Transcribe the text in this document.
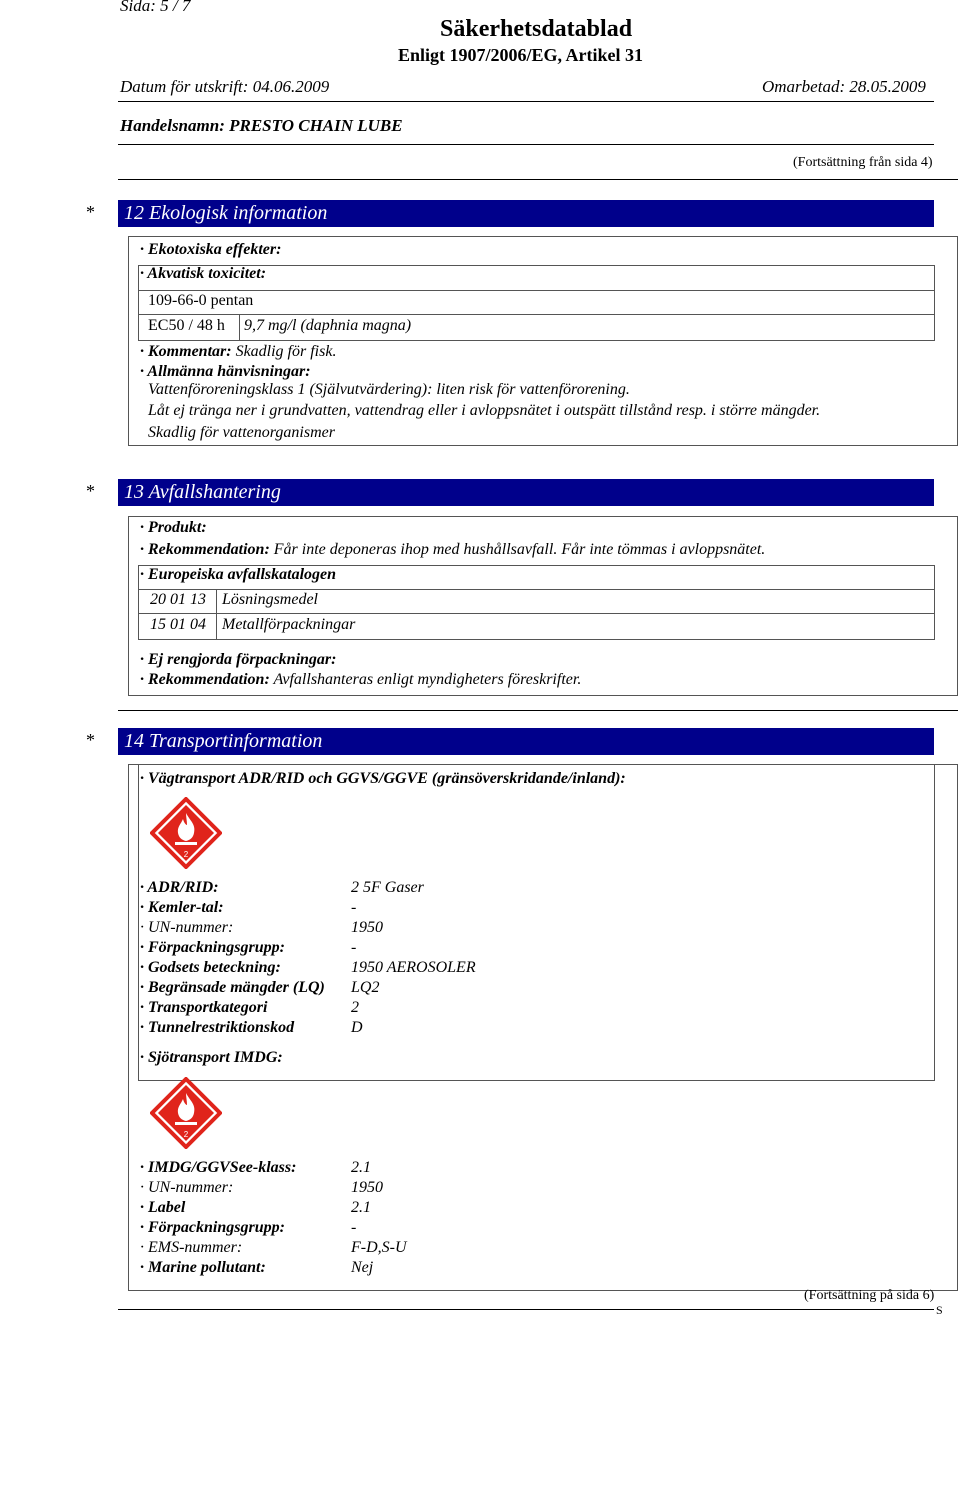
Sida: 5 / 7
Säkerhetsdatablad
Enligt 1907/2006/EG, Artikel 31
Datum för utskrift: 04.06.2009	Omarbetad: 28.05.2009
Handelsnamn: PRESTO CHAIN LUBE
(Fortsättning från sida 4)
*	12 Ekologisk information
· Ekotoxiska effekter:
· Akvatisk toxicitet:
109-66-0 pentan
EC50 / 48 h 9,7 mg/l (daphnia magna)
· Kommentar: Skadlig för fisk.
· Allmänna hänvisningar:
Vattenföroreningsklass 1 (Självutvärdering): liten risk för vattenförorening.
Låt ej tränga ner i grundvatten, vattendrag eller i avloppsnätet i outspätt tillstånd resp. i större mängder.
Skadlig för vattenorganismer
*	13 Avfallshantering
· Produkt:
· Rekommendation: Får inte deponeras ihop med hushållsavfall. Får inte tömmas i avloppsnätet.
· Europeiska avfallskatalogen
20 01 13 Lösningsmedel
15 01 04 Metallförpackningar
· Ej rengjorda förpackningar:
· Rekommendation: Avfallshanteras enligt myndigheters föreskrifter.
*	14 Transportinformation
· Vägtransport ADR/RID och GGVS/GGVE (gränsöverskridande/inland):
2
· ADR/RID:	2 5F Gaser
· Kemler-tal:	-
· UN-nummer:	1950
· Förpackningsgrupp:	-
· Godsets beteckning:	1950 AEROSOLER
· Begränsade mängder (LQ) LQ2
· Transportkategori	2
· Tunnelrestriktionskod	D
· Sjötransport IMDG:
2
· IMDG/GGVSee-klass:	2.1
· UN-nummer:	1950
· Label	2.1
· Förpackningsgrupp:	-
· EMS-nummer:	F-D,S-U
· Marine pollutant:	Nej
(Fortsättning på sida 6)
S
